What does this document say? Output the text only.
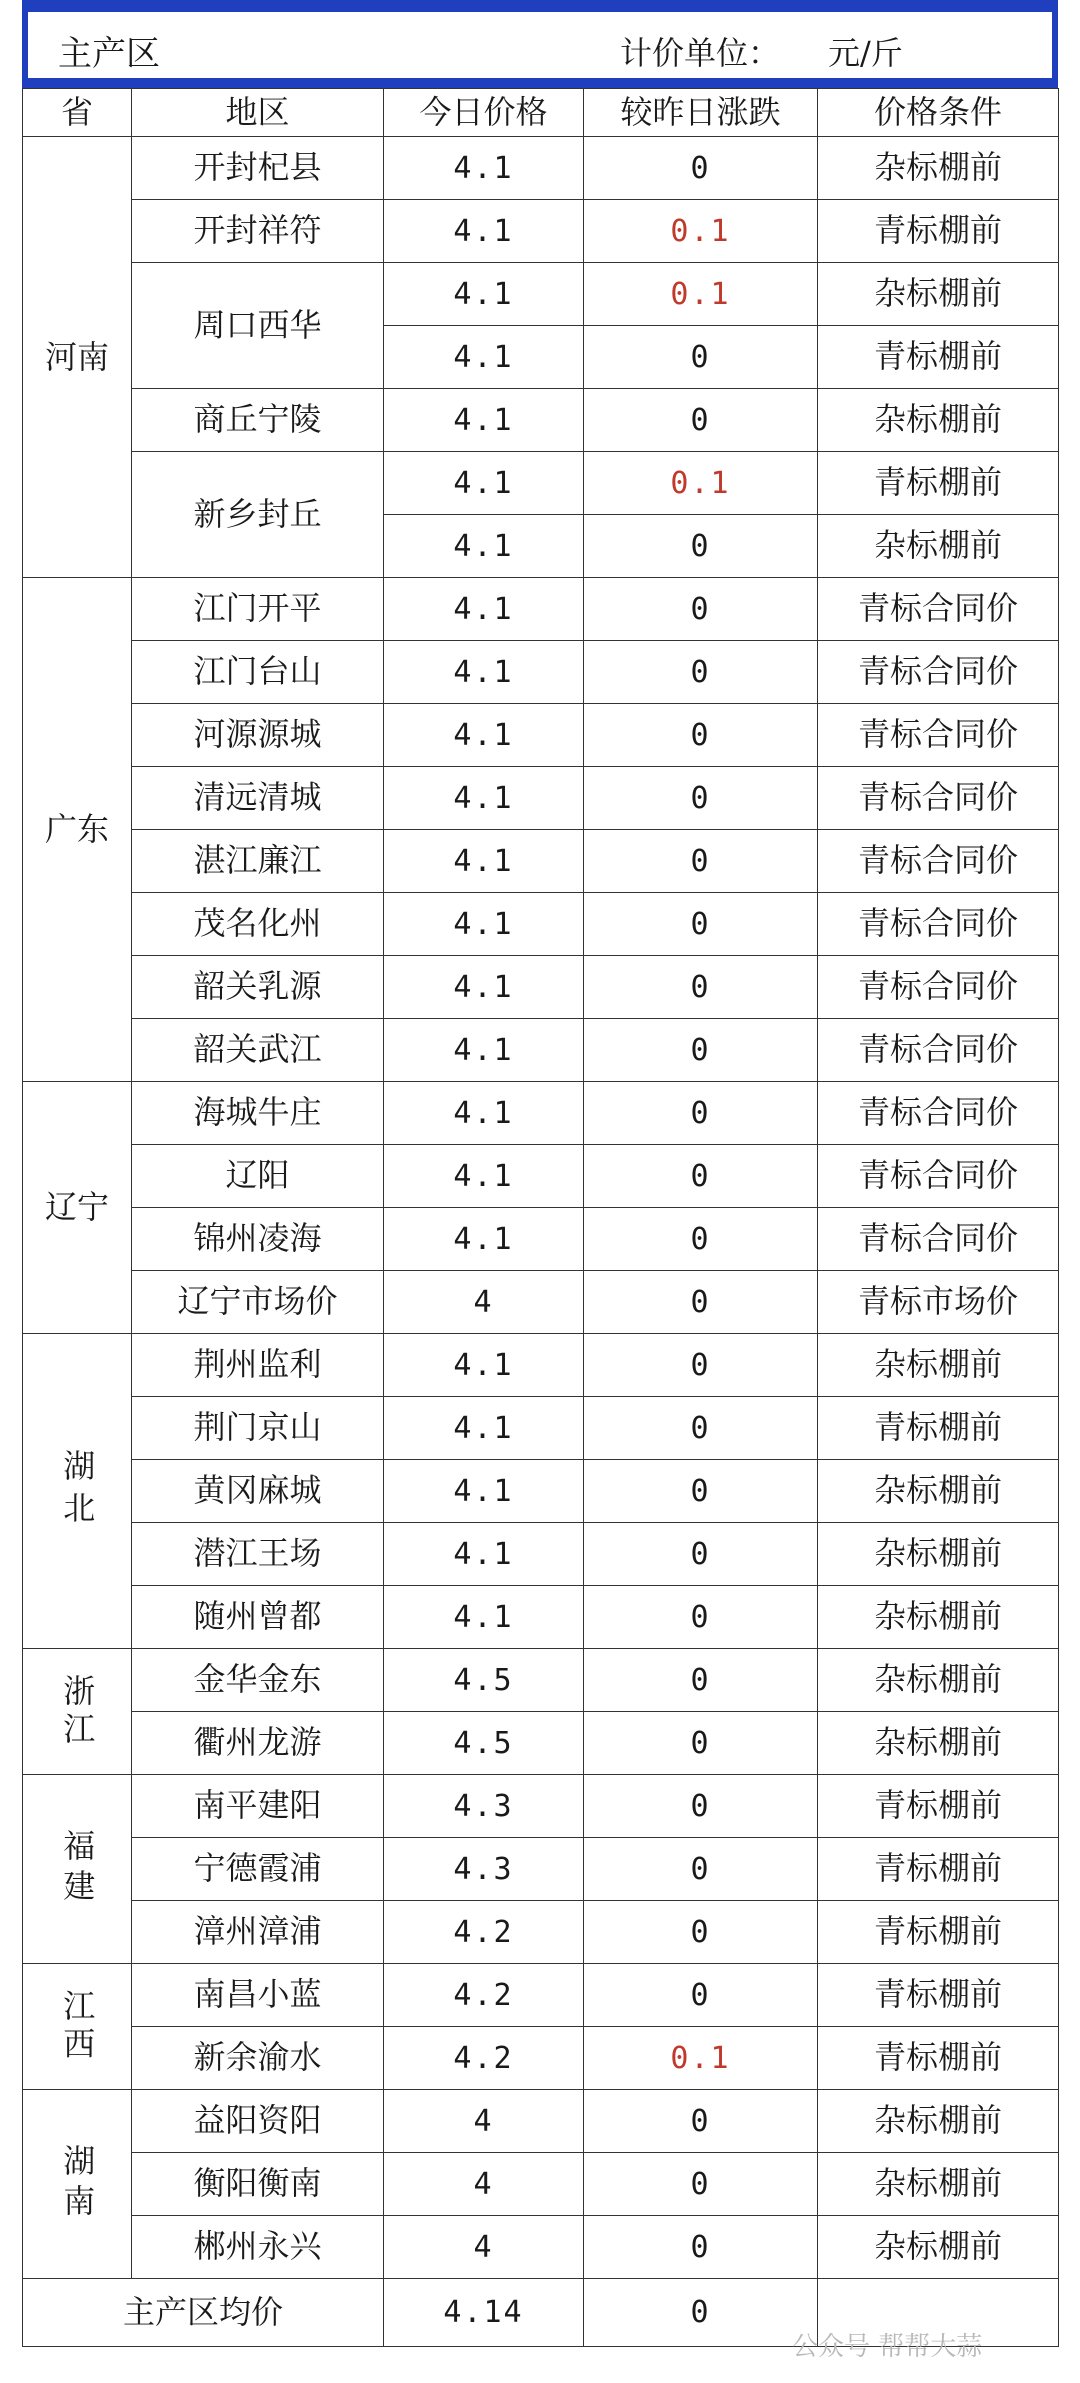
主产区	计价单位： 元/斤
省	地区	今日价格	较昨日涨跌	价格条件
河南	开封杞县	4.1	0	杂标棚前
	开封祥符	4.1	0.1	青标棚前
	周口西华	4.1	0.1	杂标棚前
		4.1	0	青标棚前
	商丘宁陵	4.1	0	杂标棚前
	新乡封丘	4.1	0.1	青标棚前
		4.1	0	杂标棚前
广东	江门开平	4.1	0	青标合同价
	江门台山	4.1	0	青标合同价
	河源源城	4.1	0	青标合同价
	清远清城	4.1	0	青标合同价
	湛江廉江	4.1	0	青标合同价
	茂名化州	4.1	0	青标合同价
	韶关乳源	4.1	0	青标合同价
	韶关武江	4.1	0	青标合同价
辽宁	海城牛庄	4.1	0	青标合同价
	辽阳	4.1	0	青标合同价
	锦州凌海	4.1	0	青标合同价
	辽宁市场价	4	0	青标市场价
湖北	荆州监利	4.1	0	杂标棚前
	荆门京山	4.1	0	青标棚前
	黄冈麻城	4.1	0	杂标棚前
	潜江王场	4.1	0	杂标棚前
	随州曾都	4.1	0	杂标棚前
浙江	金华金东	4.5	0	杂标棚前
	衢州龙游	4.5	0	杂标棚前
福建	南平建阳	4.3	0	青标棚前
	宁德霞浦	4.3	0	青标棚前
	漳州漳浦	4.2	0	青标棚前
江西	南昌小蓝	4.2	0	青标棚前
	新余渝水	4.2	0.1	青标棚前
湖南	益阳资阳	4	0	杂标棚前
	衡阳衡南	4	0	杂标棚前
	郴州永兴	4	0	杂标棚前
主产区均价		4.14	0	
公众号 帮帮大蒜
